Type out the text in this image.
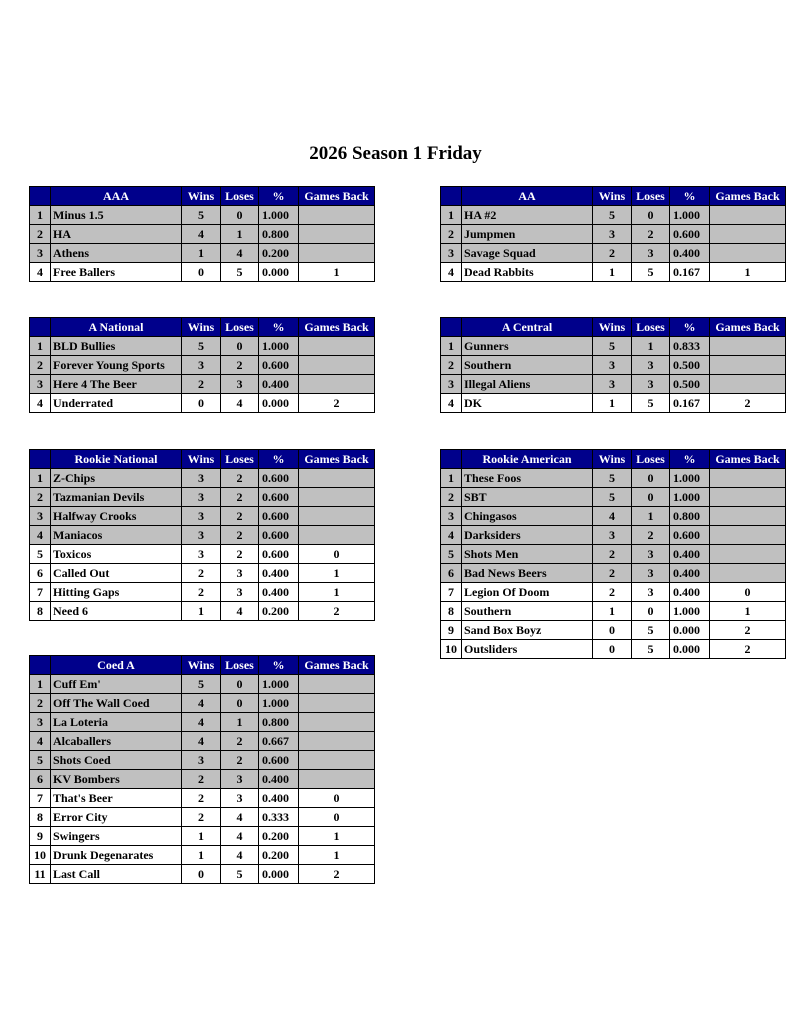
2026 Season 1 Friday
	AAA	Wins	Loses	%	Games Back
1	Minus 1.5	5	0	1.000	
2	HA	4	1	0.800	
3	Athens	1	4	0.200	
4	Free Ballers	0	5	0.000	1
	AA	Wins	Loses	%	Games Back
1	HA #2	5	0	1.000	
2	Jumpmen	3	2	0.600	
3	Savage Squad	2	3	0.400	
4	Dead Rabbits	1	5	0.167	1
	A National	Wins	Loses	%	Games Back
1	BLD Bullies	5	0	1.000	
2	Forever Young Sports	3	2	0.600	
3	Here 4 The Beer	2	3	0.400	
4	Underrated	0	4	0.000	2
	A Central	Wins	Loses	%	Games Back
1	Gunners	5	1	0.833	
2	Southern	3	3	0.500	
3	Illegal Aliens	3	3	0.500	
4	DK	1	5	0.167	2
	Rookie National	Wins	Loses	%	Games Back
1	Z-Chips	3	2	0.600	
2	Tazmanian Devils	3	2	0.600	
3	Halfway Crooks	3	2	0.600	
4	Maniacos	3	2	0.600	
5	Toxicos	3	2	0.600	0
6	Called Out	2	3	0.400	1
7	Hitting Gaps	2	3	0.400	1
8	Need 6	1	4	0.200	2
	Rookie American	Wins	Loses	%	Games Back
1	These Foos	5	0	1.000	
2	SBT	5	0	1.000	
3	Chingasos	4	1	0.800	
4	Darksiders	3	2	0.600	
5	Shots Men	2	3	0.400	
6	Bad News Beers	2	3	0.400	
7	Legion Of Doom	2	3	0.400	0
8	Southern	1	0	1.000	1
9	Sand Box Boyz	0	5	0.000	2
10	Outsliders	0	5	0.000	2
	Coed A	Wins	Loses	%	Games Back
1	Cuff Em'	5	0	1.000	
2	Off The Wall Coed	4	0	1.000	
3	La Loteria	4	1	0.800	
4	Alcaballers	4	2	0.667	
5	Shots Coed	3	2	0.600	
6	KV Bombers	2	3	0.400	
7	That's Beer	2	3	0.400	0
8	Error City	2	4	0.333	0
9	Swingers	1	4	0.200	1
10	Drunk Degenarates	1	4	0.200	1
11	Last Call	0	5	0.000	2
